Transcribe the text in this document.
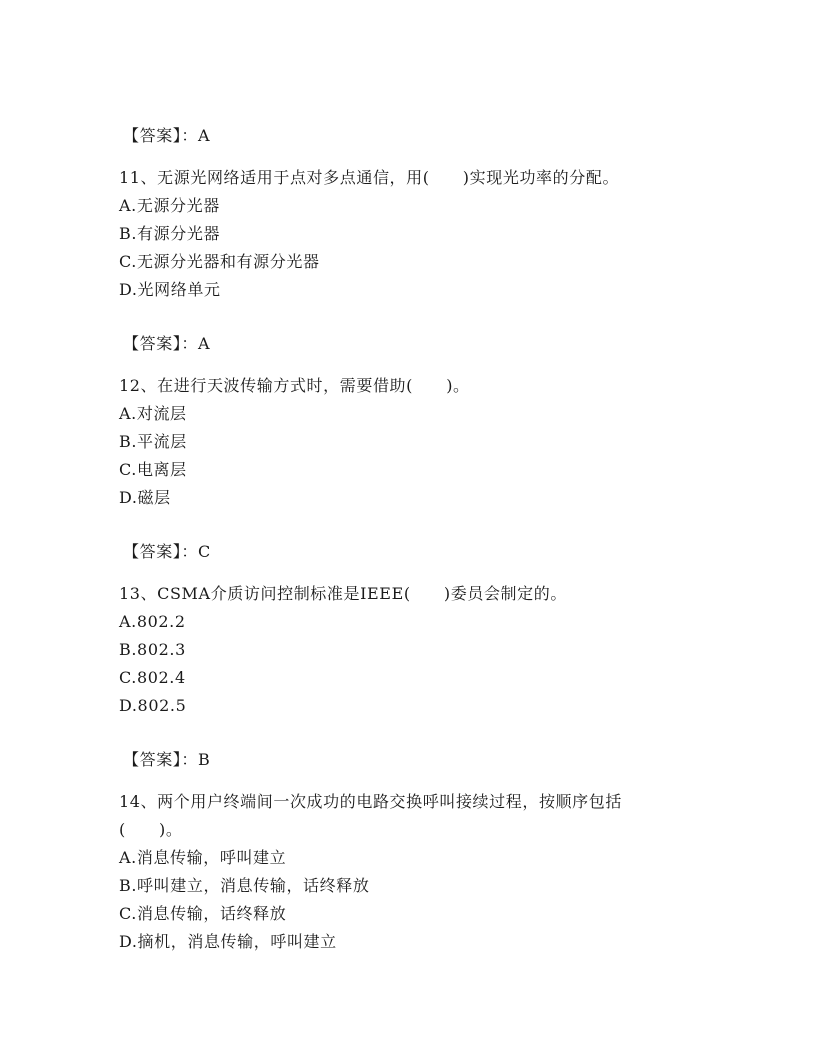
【答案】：A
11、无源光网络适用于点对多点通信，用(　　)实现光功率的分配。
A.无源分光器
B.有源分光器
C.无源分光器和有源分光器
D.光网络单元
【答案】：A
12、在进行天波传输方式时，需要借助(　　)。
A.对流层
B.平流层
C.电离层
D.磁层
【答案】：C
13、CSMA介质访问控制标准是IEEE(　　)委员会制定的。
A.802.2
B.802.3
C.802.4
D.802.5
【答案】：B
14、两个用户终端间一次成功的电路交换呼叫接续过程，按顺序包括
(　　)。
A.消息传输，呼叫建立
B.呼叫建立，消息传输，话终释放
C.消息传输，话终释放
D.摘机，消息传输，呼叫建立
